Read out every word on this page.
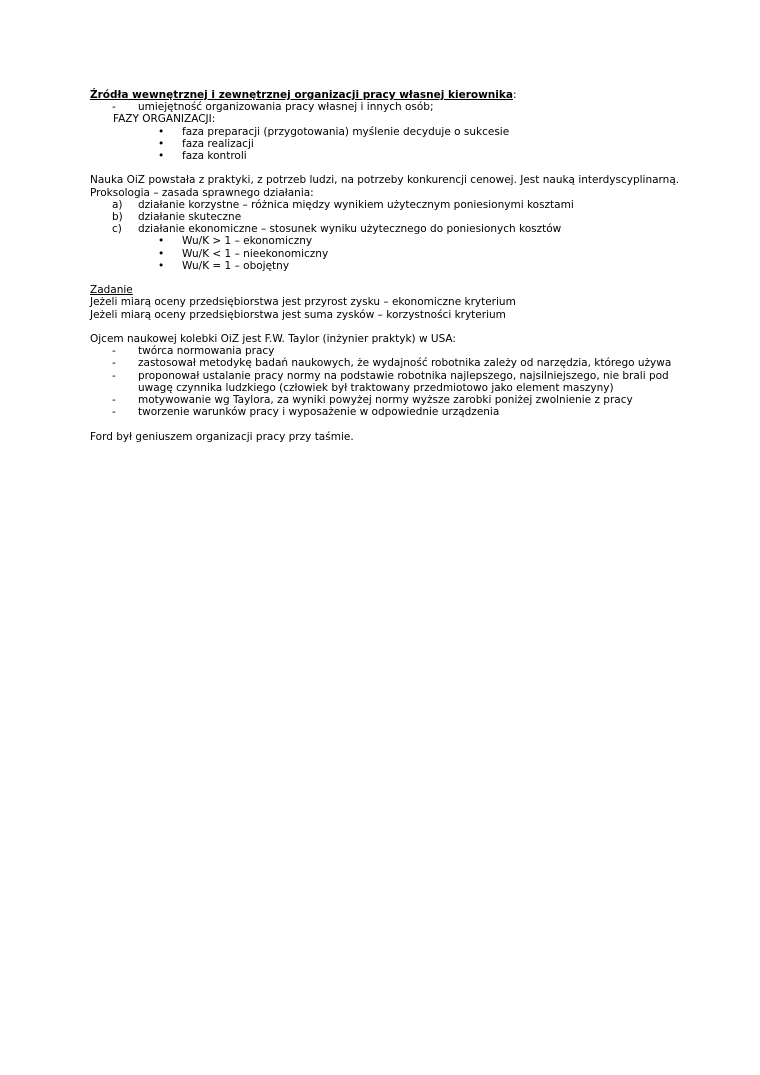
Źródła wewnętrznej i zewnętrznej organizacji pracy własnej kierownika:
- umiejętność organizowania pracy własnej i innych osób;
FAZY ORGANIZACJI:
• faza preparacji (przygotowania) myślenie decyduje o sukcesie
• faza realizacji
• faza kontroli
Nauka OiZ powstała z praktyki, z potrzeb ludzi, na potrzeby konkurencji cenowej. Jest nauką interdyscyplinarną.
Proksologia – zasada sprawnego działania:
a) działanie korzystne – różnica między wynikiem użytecznym poniesionymi kosztami
b) działanie skuteczne
c) działanie ekonomiczne – stosunek wyniku użytecznego do poniesionych kosztów
• Wu/K > 1 – ekonomiczny
• Wu/K < 1 – nieekonomiczny
• Wu/K = 1 – obojętny
Zadanie
Jeżeli miarą oceny przedsiębiorstwa jest przyrost zysku – ekonomiczne kryterium
Jeżeli miarą oceny przedsiębiorstwa jest suma zysków – korzystności kryterium
Ojcem naukowej kolebki OiZ jest F.W. Taylor (inżynier praktyk) w USA:
- twórca normowania pracy
- zastosował metodykę badań naukowych, że wydajność robotnika zależy od narzędzia, którego używa
- proponował ustalanie pracy normy na podstawie robotnika najlepszego, najsilniejszego, nie brali pod
uwagę czynnika ludzkiego (człowiek był traktowany przedmiotowo jako element maszyny)
- motywowanie wg Taylora, za wyniki powyżej normy wyższe zarobki poniżej zwolnienie z pracy
- tworzenie warunków pracy i wyposażenie w odpowiednie urządzenia
Ford był geniuszem organizacji pracy przy taśmie.
